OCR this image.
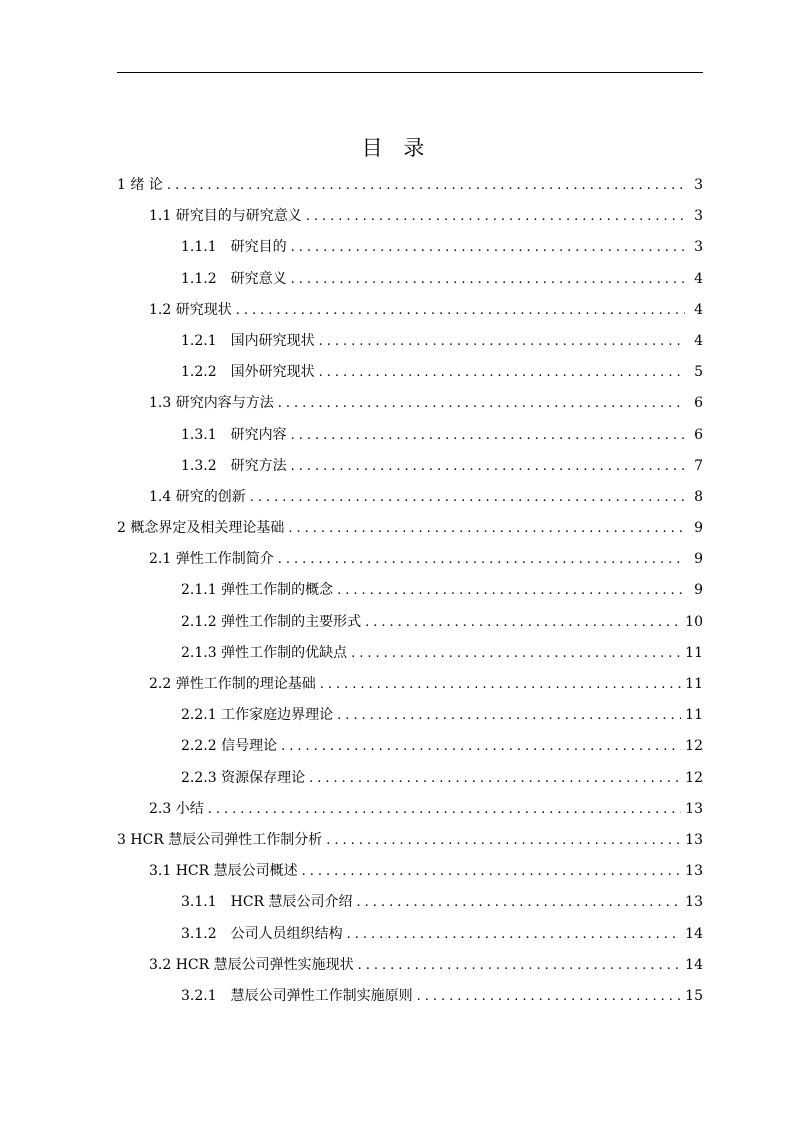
目 录
1 绪 论 .....	3
1.1 研究目的与研究意义 .....	3
1.1.1　研究目的 .....	3
1.1.2　研究意义 .....	4
1.2 研究现状 .....	4
1.2.1　国内研究现状 .....	4
1.2.2　国外研究现状 .....	5
1.3 研究内容与方法 .....	6
1.3.1　研究内容 .....	6
1.3.2　研究方法 .....	7
1.4 研究的创新 .....	8
2 概念界定及相关理论基础 .....	9
2.1 弹性工作制简介 .....	9
2.1.1 弹性工作制的概念 .....	9
2.1.2 弹性工作制的主要形式 .....	10
2.1.3 弹性工作制的优缺点 .....	11
2.2 弹性工作制的理论基础 .....	11
2.2.1 工作家庭边界理论 .....	11
2.2.2 信号理论 .....	12
2.2.3 资源保存理论 .....	12
2.3 小结 .....	13
3 HCR 慧辰公司弹性工作制分析 .....	13
3.1 HCR 慧辰公司概述 .....	13
3.1.1　HCR 慧辰公司介绍 .....	13
3.1.2　公司人员组织结构 .....	14
3.2 HCR 慧辰公司弹性实施现状 .....	14
3.2.1　慧辰公司弹性工作制实施原则 .....	15
